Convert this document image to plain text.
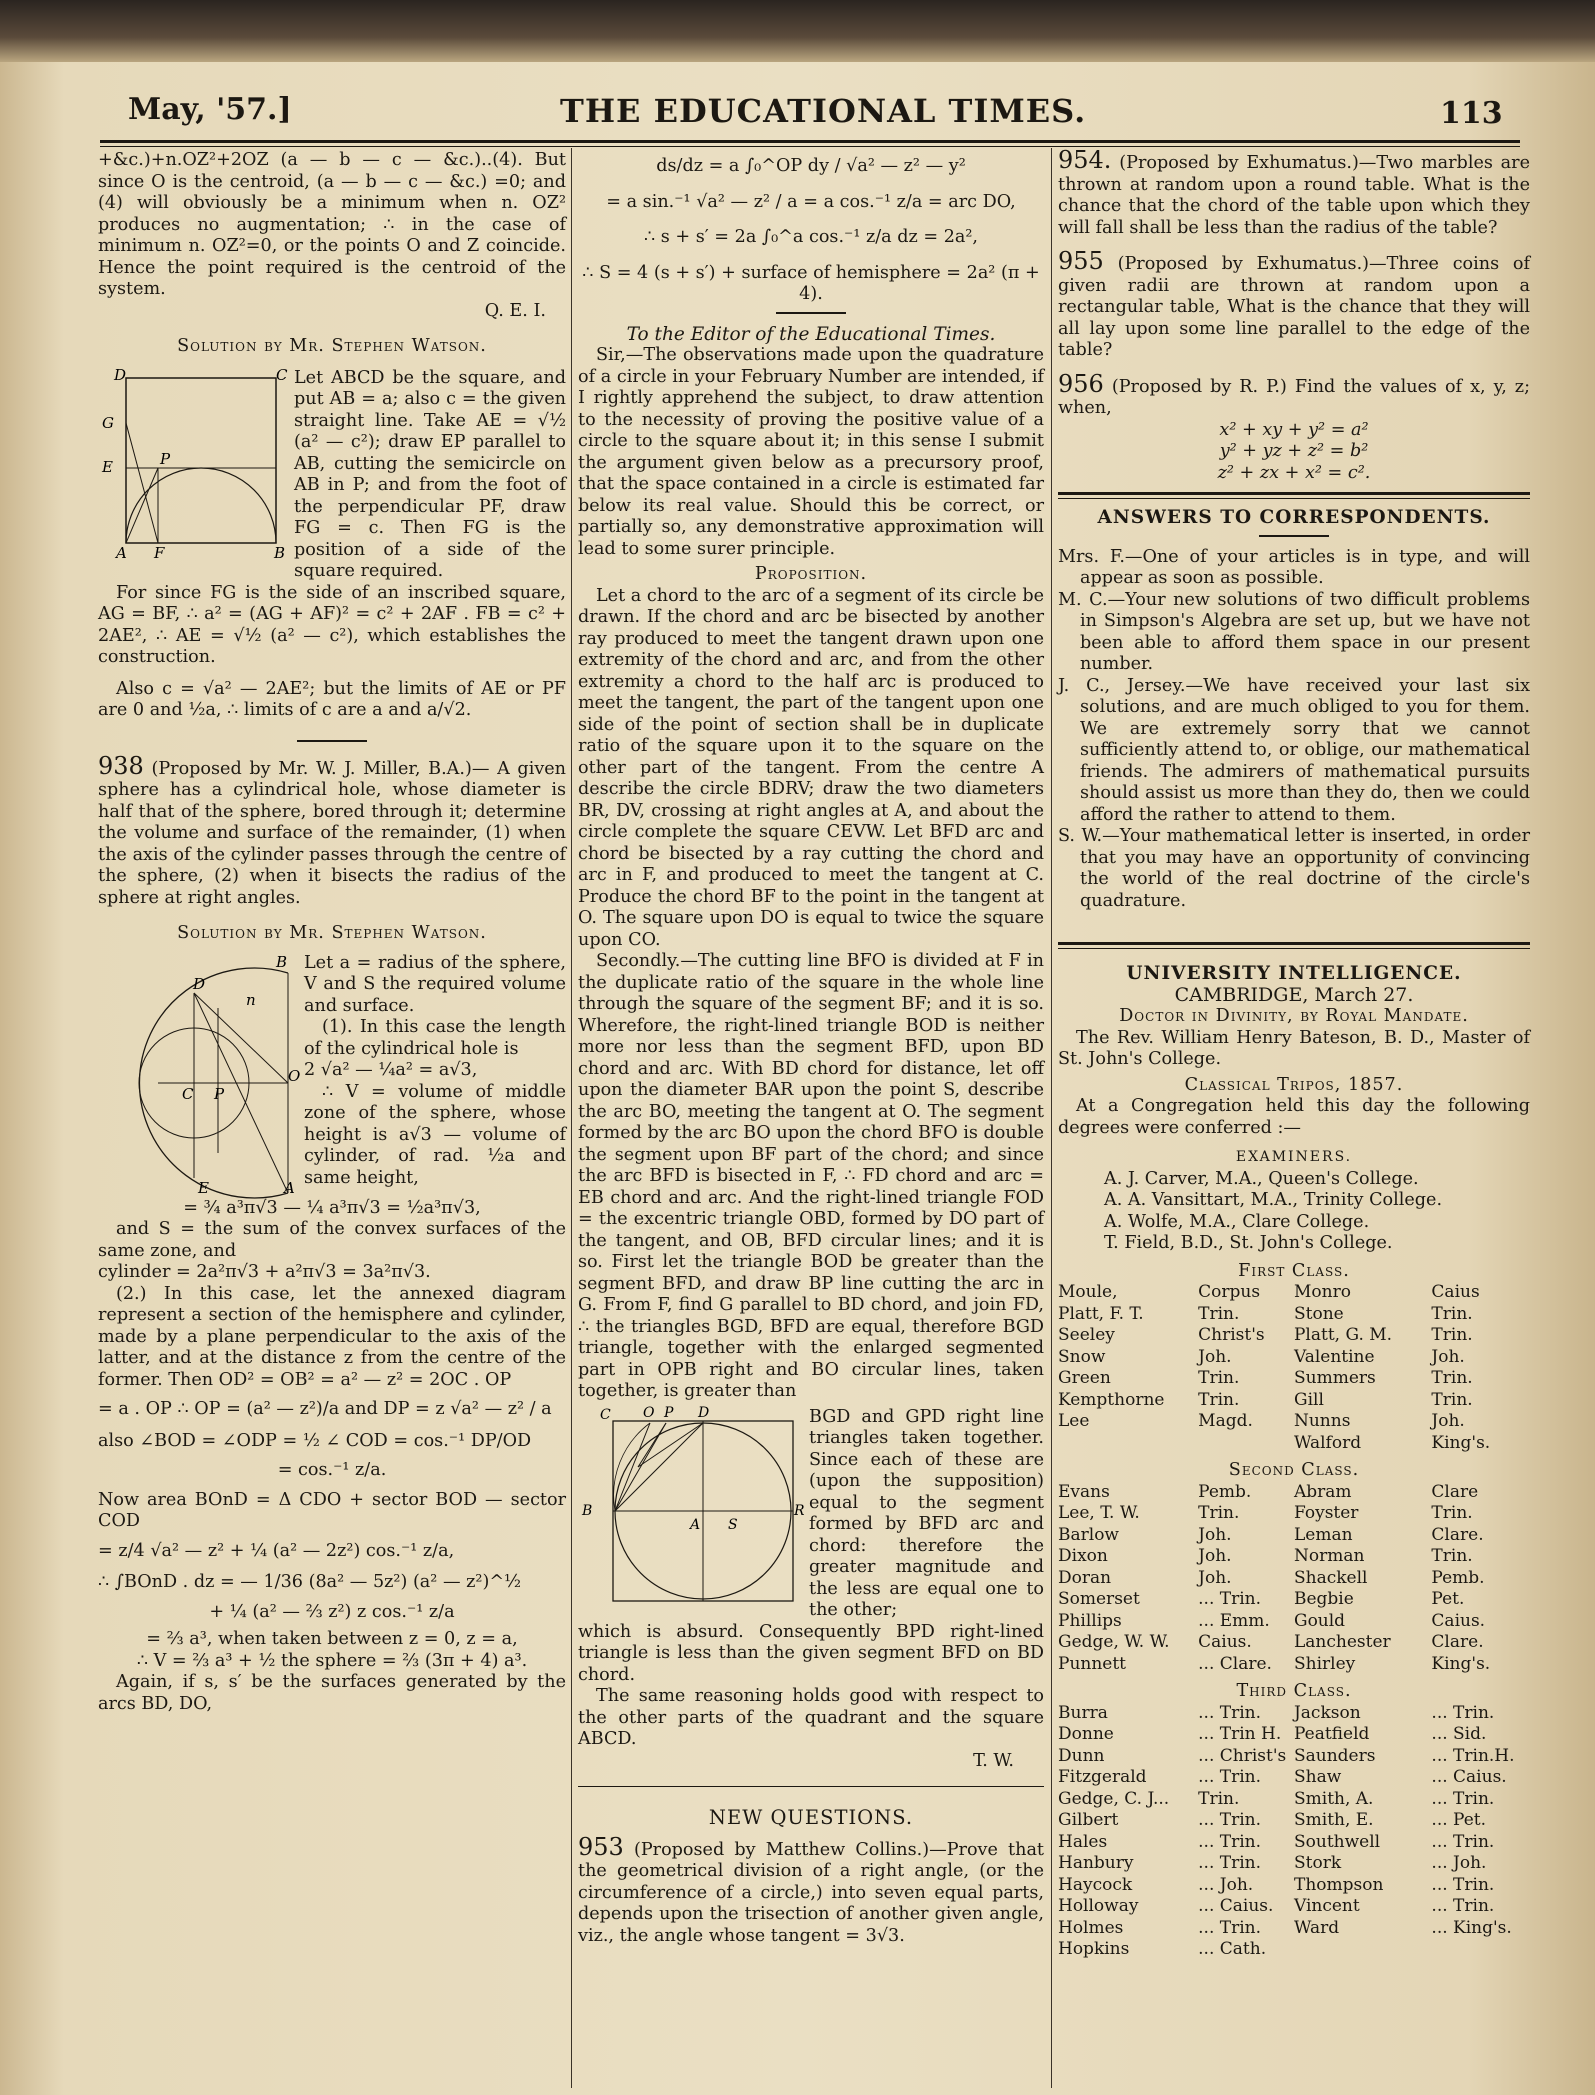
May, '57.]	THE EDUCATIONAL TIMES.	113

+&c.)+n.OZ²+2OZ (a — b — c — &c.)..(4). But since O is the centroid, (a — b — c — &c.) =0; and (4) will obviously be a minimum when n. OZ² produces no augmentation; ∴ in the case of minimum n. OZ²=0, or the points O and Z coincide. Hence the point required is the centroid of the system.

Q. E. I.

Solution by Mr. Stephen Watson.

D	C
G
E	P
A F	B

Let ABCD be the square, and put AB = a; also c = the given straight line. Take AE = √½ (a² — c²); draw EP parallel to AB, cutting the semicircle on AB in P; and from the foot of the perpendicular PF, draw FG = c. Then FG is the position of a side of the square required.

For since FG is the side of an inscribed square, AG = BF, ∴ a² = (AG + AF)² = c² + 2AF . FB = c² + 2AE², ∴ AE = √½ (a² — c²), which establishes the construction.

Also c = √a² — 2AE²; but the limits of AE or PF are 0 and ½a, ∴ limits of c are a and a/√2.

938 (Proposed by Mr. W. J. Miller, B.A.)— A given sphere has a cylindrical hole, whose diameter is half that of the sphere, bored through it; determine the volume and surface of the remainder, (1) when the axis of the cylinder passes through the centre of the sphere, (2) when it bisects the radius of the sphere at right angles.

Solution by Mr. Stephen Watson.

B
D
n
C P
O
E	A

Let a = radius of the sphere, V and S the required volume and surface.

(1). In this case the length of the cylindrical hole is

2 √a² — ¼a² = a√3,

∴ V = volume of middle zone of the sphere, whose height is a√3 — volume of cylinder, of rad. ½a and same height,

= ¾ a³π√3 — ¼ a³π√3 = ½a³π√3,

and S = the sum of the convex surfaces of the same zone, and

cylinder = 2a²π√3 + a²π√3 = 3a²π√3.

(2.) In this case, let the annexed diagram represent a section of the hemisphere and cylinder, made by a plane perpendicular to the axis of the latter, and at the distance z from the centre of the former. Then OD² = OB² = a² — z² = 2OC . OP

= a . OP ∴ OP = (a² — z²)/a and DP = z √a² — z² / a

also ∠BOD = ∠ODP = ½ ∠ COD = cos.⁻¹ DP/OD

= cos.⁻¹ z/a.

Now area BOnD = Δ CDO + sector BOD — sector COD

= z/4 √a² — z² + ¼ (a² — 2z²) cos.⁻¹ z/a,

∴ ∫BOnD . dz = — 1/36 (8a² — 5z²) (a² — z²)^½

+ ¼ (a² — ⅔ z²) z cos.⁻¹ z/a

= ⅔ a³, when taken between z = 0, z = a,

∴ V = ⅔ a³ + ½ the sphere = ⅔ (3π + 4) a³.

Again, if s, s′ be the surfaces generated by the arcs BD, DO,

ds/dz = a ∫₀^OP dy / √a² — z² — y²

= a sin.⁻¹ √a² — z² / a = a cos.⁻¹ z/a = arc DO,

∴ s + s′ = 2a ∫₀^a cos.⁻¹ z/a dz = 2a²,

∴ S = 4 (s + s′) + surface of hemisphere = 2a² (π + 4).

To the Editor of the Educational Times.

Sir,—The observations made upon the quadrature of a circle in your February Number are intended, if I rightly apprehend the subject, to draw attention to the necessity of proving the positive value of a circle to the square about it; in this sense I submit the argument given below as a precursory proof, that the space contained in a circle is estimated far below its real value. Should this be correct, or partially so, any demonstrative approximation will lead to some surer principle.

Proposition.

Let a chord to the arc of a segment of its circle be drawn. If the chord and arc be bisected by another ray produced to meet the tangent drawn upon one extremity of the chord and arc, and from the other extremity a chord to the half arc is produced to meet the tangent, the part of the tangent upon one side of the point of section shall be in duplicate ratio of the square upon it to the square on the other part of the tangent. From the centre A describe the circle BDRV; draw the two diameters BR, DV, crossing at right angles at A, and about the circle complete the square CEVW. Let BFD arc and chord be bisected by a ray cutting the chord and arc in F, and produced to meet the tangent at C. Produce the chord BF to the point in the tangent at O. The square upon DO is equal to twice the square upon CO.

Secondly.—The cutting line BFO is divided at F in the duplicate ratio of the square in the whole line through the square of the segment BF; and it is so. Wherefore, the right-lined triangle BOD is neither more nor less than the segment BFD, upon BD chord and arc. With BD chord for distance, let off upon the diameter BAR upon the point S, describe the arc BO, meeting the tangent at O. The segment formed by the arc BO upon the chord BFO is double the segment upon BF part of the chord; and since the arc BFD is bisected in F, ∴ FD chord and arc = EB chord and arc. And the right-lined triangle FOD = the excentric triangle OBD, formed by DO part of the tangent, and OB, BFD circular lines; and it is so. First let the triangle BOD be greater than the segment BFD, and draw BP line cutting the arc in G. From F, find G parallel to BD chord, and join FD, ∴ the triangles BGD, BFD are equal, therefore BGD triangle, together with the enlarged segmented part in OPB right and BO circular lines, taken together, is greater than

C O P D
B
A S
R

BGD and GPD right line triangles taken together. Since each of these are (upon the supposition) equal to the segment formed by BFD arc and chord: therefore the greater magnitude and the less are equal one to the other;

which is absurd. Consequently BPD right-lined triangle is less than the given segment BFD on BD chord.

The same reasoning holds good with respect to the other parts of the quadrant and the square ABCD.

T. W.

NEW QUESTIONS.

953 (Proposed by Matthew Collins.)—Prove that the geometrical division of a right angle, (or the circumference of a circle,) into seven equal parts, depends upon the trisection of another given angle, viz., the angle whose tangent = 3√3.

954. (Proposed by Exhumatus.)—Two marbles are thrown at random upon a round table. What is the chance that the chord of the table upon which they will fall shall be less than the radius of the table?

955 (Proposed by Exhumatus.)—Three coins of given radii are thrown at random upon a rectangular table, What is the chance that they will all lay upon some line parallel to the edge of the table?

956 (Proposed by R. P.) Find the values of x, y, z; when,

x² + xy + y² = a²

y² + yz + z² = b²

z² + zx + x² = c².

ANSWERS TO CORRESPONDENTS.

Mrs. F.—One of your articles is in type, and will appear as soon as possible.

M. C.—Your new solutions of two difficult problems in Simpson's Algebra are set up, but we have not been able to afford them space in our present number.

J. C., Jersey.—We have received your last six solutions, and are much obliged to you for them. We are extremely sorry that we cannot sufficiently attend to, or oblige, our mathematical friends. The admirers of mathematical pursuits should assist us more than they do, then we could afford the rather to attend to them.

S. W.—Your mathematical letter is inserted, in order that you may have an opportunity of convincing the world of the real doctrine of the circle's quadrature.

UNIVERSITY INTELLIGENCE.

CAMBRIDGE, March 27.

Doctor in Divinity, by Royal Mandate.

The Rev. William Henry Bateson, B. D., Master of St. John's College.

Classical Tripos, 1857.

At a Congregation held this day the following degrees were conferred :—

EXAMINERS.

A. J. Carver, M.A., Queen's College.

A. A. Vansittart, M.A., Trinity College.

A. Wolfe, M.A., Clare College.

T. Field, B.D., St. John's College.

First Class.

Moule,	Corpus	Monro	Caius
Platt, F. T.	Trin.	Stone	Trin.
Seeley	Christ's	Platt, G. M.	Trin.
Snow	Joh.	Valentine	Joh.
Green	Trin.	Summers	Trin.
Kempthorne	Trin.	Gill	Trin.
Lee	Magd.	Nunns	Joh.
		Walford	King's.

Second Class.

Evans	Pemb.	Abram	Clare
Lee, T. W.	Trin.	Foyster	Trin.
Barlow	Joh.	Leman	Clare.
Dixon	Joh.	Norman	Trin.
Doran	Joh.	Shackell	Pemb.
Somerset	... Trin.	Begbie	Pet.
Phillips	... Emm.	Gould	Caius.
Gedge, W. W.	Caius.	Lanchester	Clare.
Punnett	... Clare.	Shirley	King's.

Third Class.

Burra	... Trin.	Jackson	... Trin.
Donne	... Trin H.	Peatfield	... Sid.
Dunn	... Christ's	Saunders	... Trin.H.
Fitzgerald	... Trin.	Shaw	... Caius.
Gedge, C. J...	Trin.	Smith, A.	... Trin.
Gilbert	... Trin.	Smith, E.	... Pet.
Hales	... Trin.	Southwell	... Trin.
Hanbury	... Trin.	Stork	... Joh.
Haycock	... Joh.	Thompson	... Trin.
Holloway	... Caius.	Vincent	... Trin.
Holmes	... Trin.	Ward	... King's.
Hopkins	... Cath.		
